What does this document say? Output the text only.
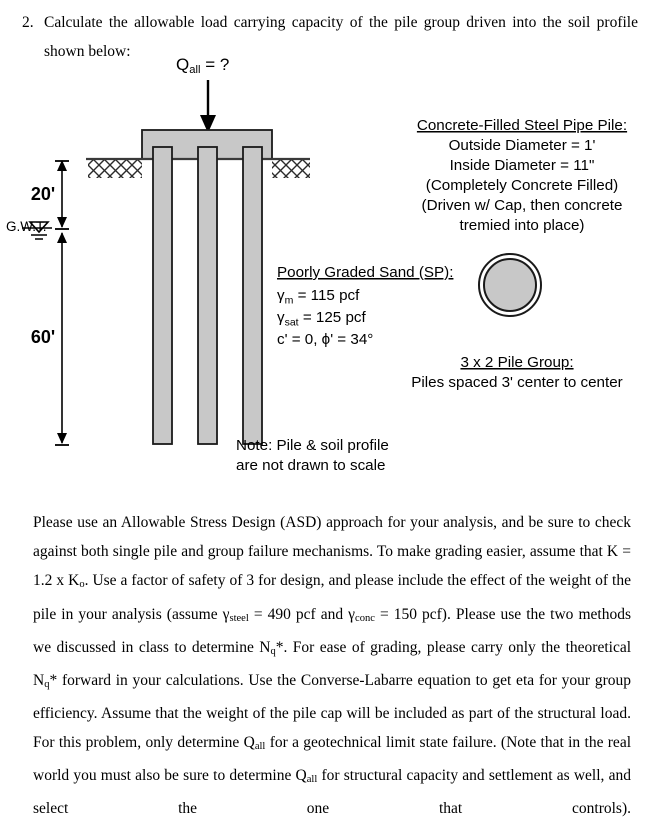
2. Calculate the allowable load carrying capacity of the pile group driven into the soil profile shown below:
20'
G.W.T.
60'
Concrete-Filled Steel Pipe Pile:
Outside Diameter = 1'
Inside Diameter = 11"
(Completely Concrete Filled)
(Driven w/ Cap, then concrete
tremied into place)
Poorly Graded Sand (SP):
$\gamma_m = 115$ pcf
$\gamma_{sat} = 125$ pcf
c' = 0, ϕ' = 34°
3 x 2 Pile Group:
Piles spaced 3' center to center
Note: Pile & soil profile
are not drawn to scale
Qall = ?
Please use an Allowable Stress Design (ASD) approach for your analysis, and be sure to check against both single pile and group failure mechanisms. To make grading easier, assume that K = 1.2 x $K_o$. Use a factor of safety of 3 for design, and please include the effect of the weight of the pile in your analysis (assume $\gamma_{steel} = 490$ pcf and $\gamma_{conc} = 150$ pcf). Please use the two methods we discussed in class to determine $N_q*$. For ease of grading, please carry only the theoretical $N_q*$ forward in your calculations. Use the Converse-Labarre equation to get eta for your group efficiency. Assume that the weight of the pile cap will be included as part of the structural load. For this problem, only determine $Q_{all}$ for a geotechnical limit state failure. (Note that in the real world you must also be sure to determine $Q_{all}$ for structural capacity and settlement as well, and select the one that controls).
